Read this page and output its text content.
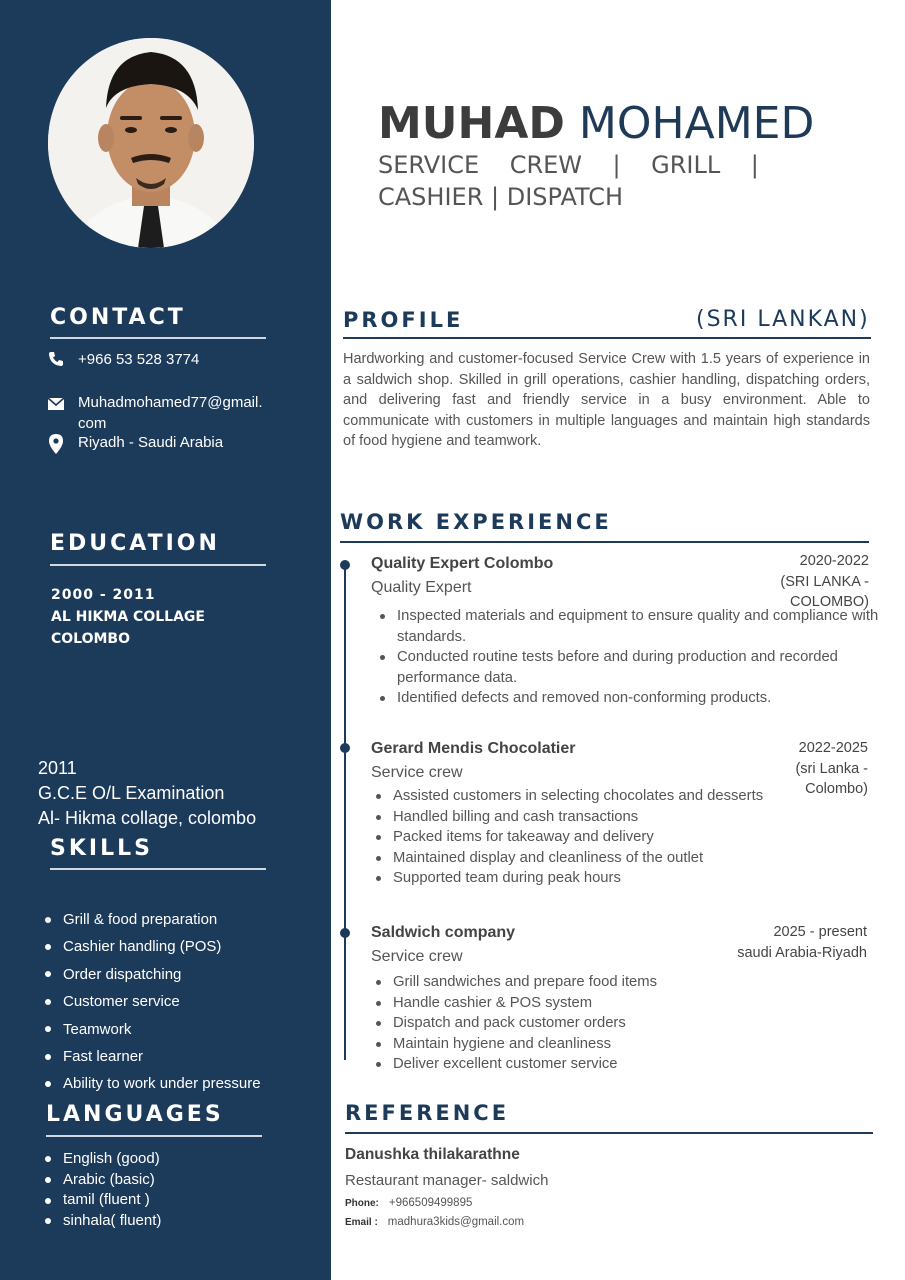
CONTACT
+966 53 528 3774
Muhadmohamed77@gmail.
com
Riyadh - Saudi Arabia
EDUCATION
2000 - 2011
AL HIKMA COLLAGE
COLOMBO
2011
G.C.E O/L Examination
Al- Hikma collage, colombo
SKILLS
Grill & food preparation
Cashier handling (POS)
Order dispatching
Customer service
Teamwork
Fast learner
Ability to work under pressure
LANGUAGES
English (good)
Arabic (basic)
tamil (fluent )
sinhala( fluent)
MUHAD MOHAMED
SERVICE    CREW    |    GRILL    |
CASHIER | DISPATCH
PROFILE	(SRI LANKAN)
Hardworking and customer-focused Service Crew with 1.5 years of experience in a saldwich shop. Skilled in grill operations, cashier handling, dispatching orders, and delivering fast and friendly service in a busy environment. Able to communicate with customers in multiple languages and maintain high standards of food hygiene and teamwork.
WORK EXPERIENCE
Quality Expert Colombo
Quality Expert
2020-2022
(SRI LANKA -
COLOMBO)
Inspected materials and equipment to ensure quality and compliance with standards.
Conducted routine tests before and during production and recorded performance data.
Identified defects and removed non-conforming products.
Gerard Mendis Chocolatier
Service crew
2022-2025
(sri Lanka -
Colombo)
Assisted customers in selecting chocolates and desserts
Handled billing and cash transactions
Packed items for takeaway and delivery
Maintained display and cleanliness of the outlet
Supported team during peak hours
Saldwich company
Service crew
2025 - present
saudi Arabia-Riyadh
Grill sandwiches and prepare food items
Handle cashier & POS system
Dispatch and pack customer orders
Maintain hygiene and cleanliness
Deliver excellent customer service
REFERENCE
Danushka thilakarathne
Restaurant manager- saldwich
Phone: +966509499895
Email : madhura3kids@gmail.com
